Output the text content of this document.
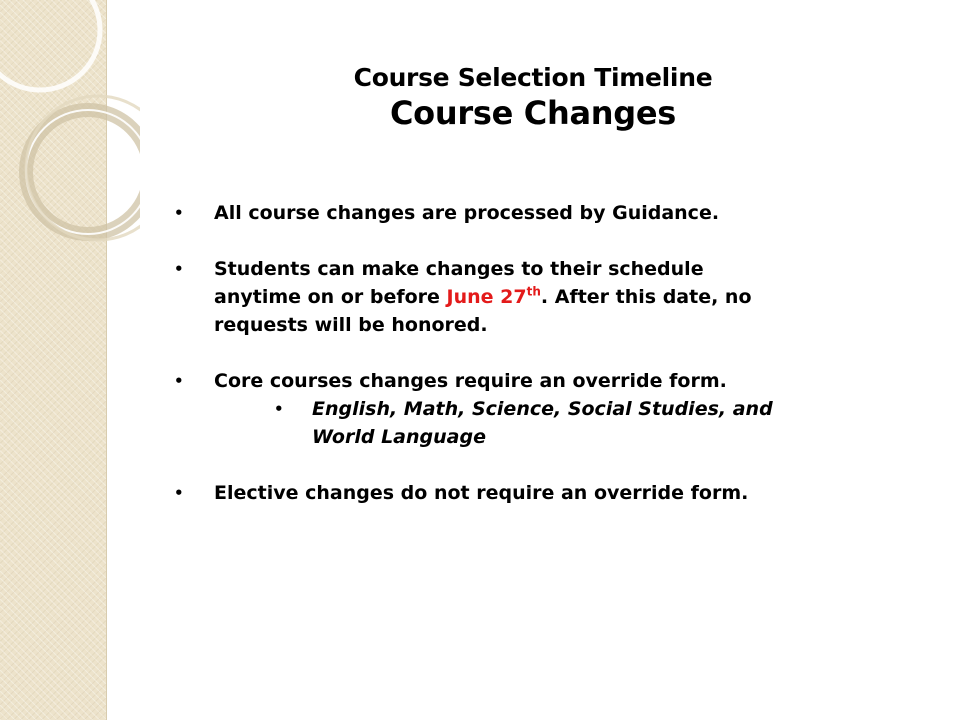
Course Selection Timeline
Course Changes
• All course changes are processed by Guidance.
• Students can make changes to their schedule
anytime on or before June 27th. After this date, no
requests will be honored.
• Core courses changes require an override form.
• English, Math, Science, Social Studies, and
World Language
• Elective changes do not require an override form.
